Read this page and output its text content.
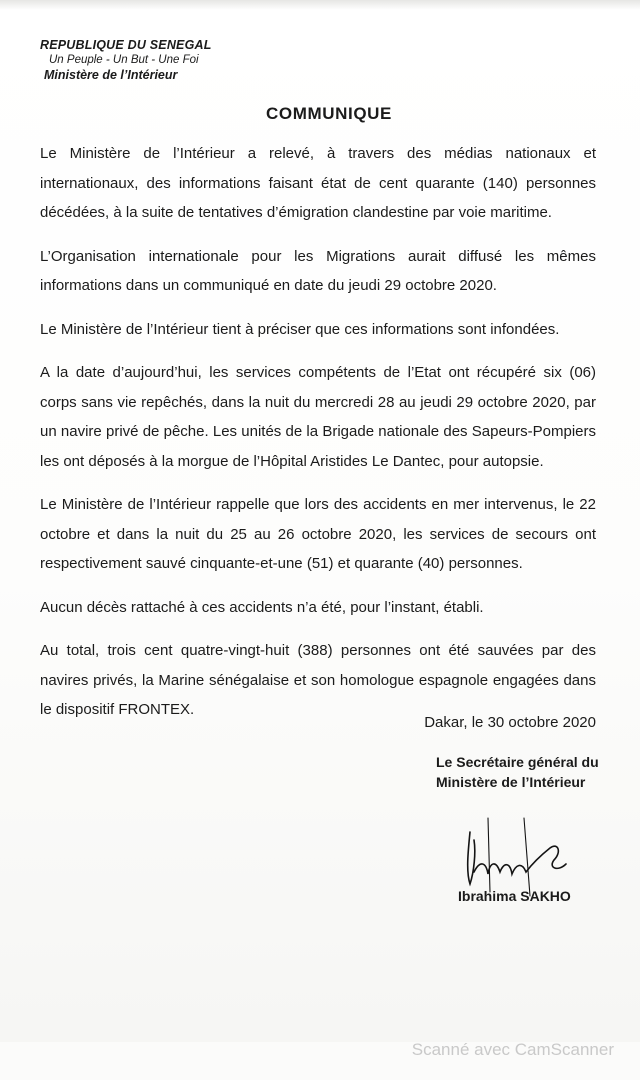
REPUBLIQUE DU SENEGAL
Un Peuple - Un But - Une Foi
Ministère de l’Intérieur
COMMUNIQUE

Le Ministère de l’Intérieur a relevé, à travers des médias nationaux et internationaux, des informations faisant état de cent quarante (140) personnes décédées, à la suite de tentatives d’émigration clandestine par voie maritime.

L’Organisation internationale pour les Migrations aurait diffusé les mêmes informations dans un communiqué en date du jeudi 29 octobre 2020.

Le Ministère de l’Intérieur tient à préciser que ces informations sont infondées.

A la date d’aujourd’hui, les services compétents de l’Etat ont récupéré six (06) corps sans vie repêchés, dans la nuit du mercredi 28 au jeudi 29 octobre 2020, par un navire privé de pêche. Les unités de la Brigade nationale des Sapeurs-Pompiers les ont déposés à la morgue de l’Hôpital Aristides Le Dantec, pour autopsie.

Le Ministère de l’Intérieur rappelle que lors des accidents en mer intervenus, le 22 octobre et dans la nuit du 25 au 26 octobre 2020, les services de secours ont respectivement sauvé cinquante-et-une (51) et quarante (40) personnes.

Aucun décès rattaché à ces accidents n’a été, pour l’instant, établi.

Au total, trois cent quatre-vingt-huit (388) personnes ont été sauvées par des navires privés, la Marine sénégalaise et son homologue espagnole engagées dans le dispositif FRONTEX.

Dakar, le 30 octobre 2020
Le Secrétaire général du
Ministère de l’Intérieur
Ibrahima SAKHO
Scanné avec CamScanner
